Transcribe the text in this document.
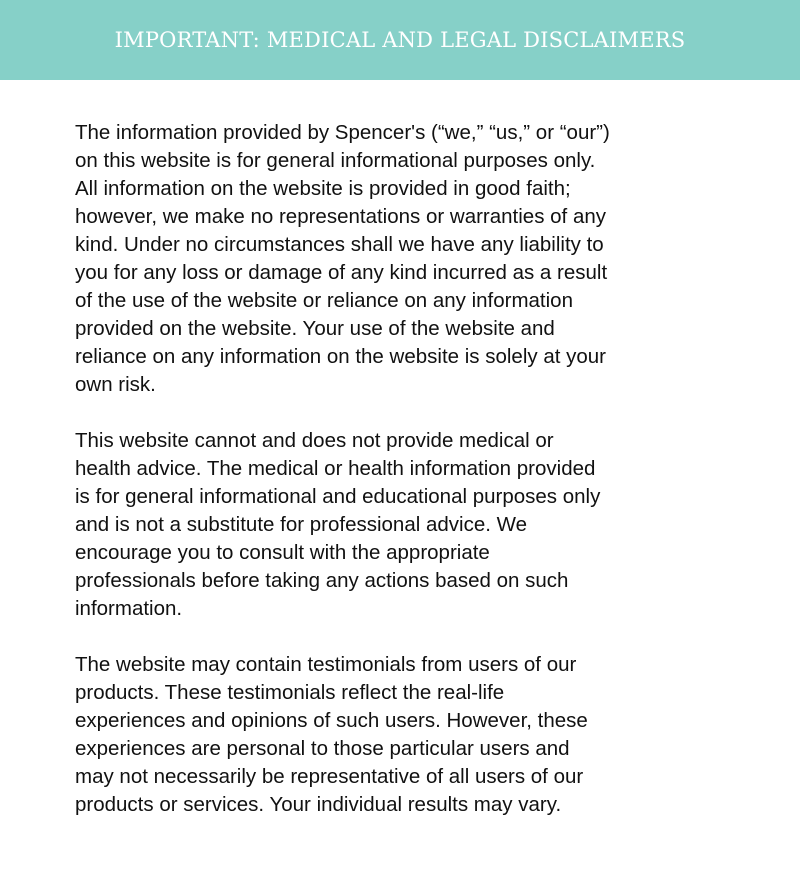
IMPORTANT: MEDICAL AND LEGAL DISCLAIMERS

The information provided by Spencer's (“we,” “us,” or “our”)
on this website is for general informational purposes only.
All information on the website is provided in good faith;
however, we make no representations or warranties of any
kind. Under no circumstances shall we have any liability to
you for any loss or damage of any kind incurred as a result
of the use of the website or reliance on any information
provided on the website. Your use of the website and
reliance on any information on the website is solely at your
own risk.

This website cannot and does not provide medical or
health advice. The medical or health information provided
is for general informational and educational purposes only
and is not a substitute for professional advice. We
encourage you to consult with the appropriate
professionals before taking any actions based on such
information.

The website may contain testimonials from users of our
products. These testimonials reflect the real-life
experiences and opinions of such users. However, these
experiences are personal to those particular users and
may not necessarily be representative of all users of our
products or services. Your individual results may vary.
